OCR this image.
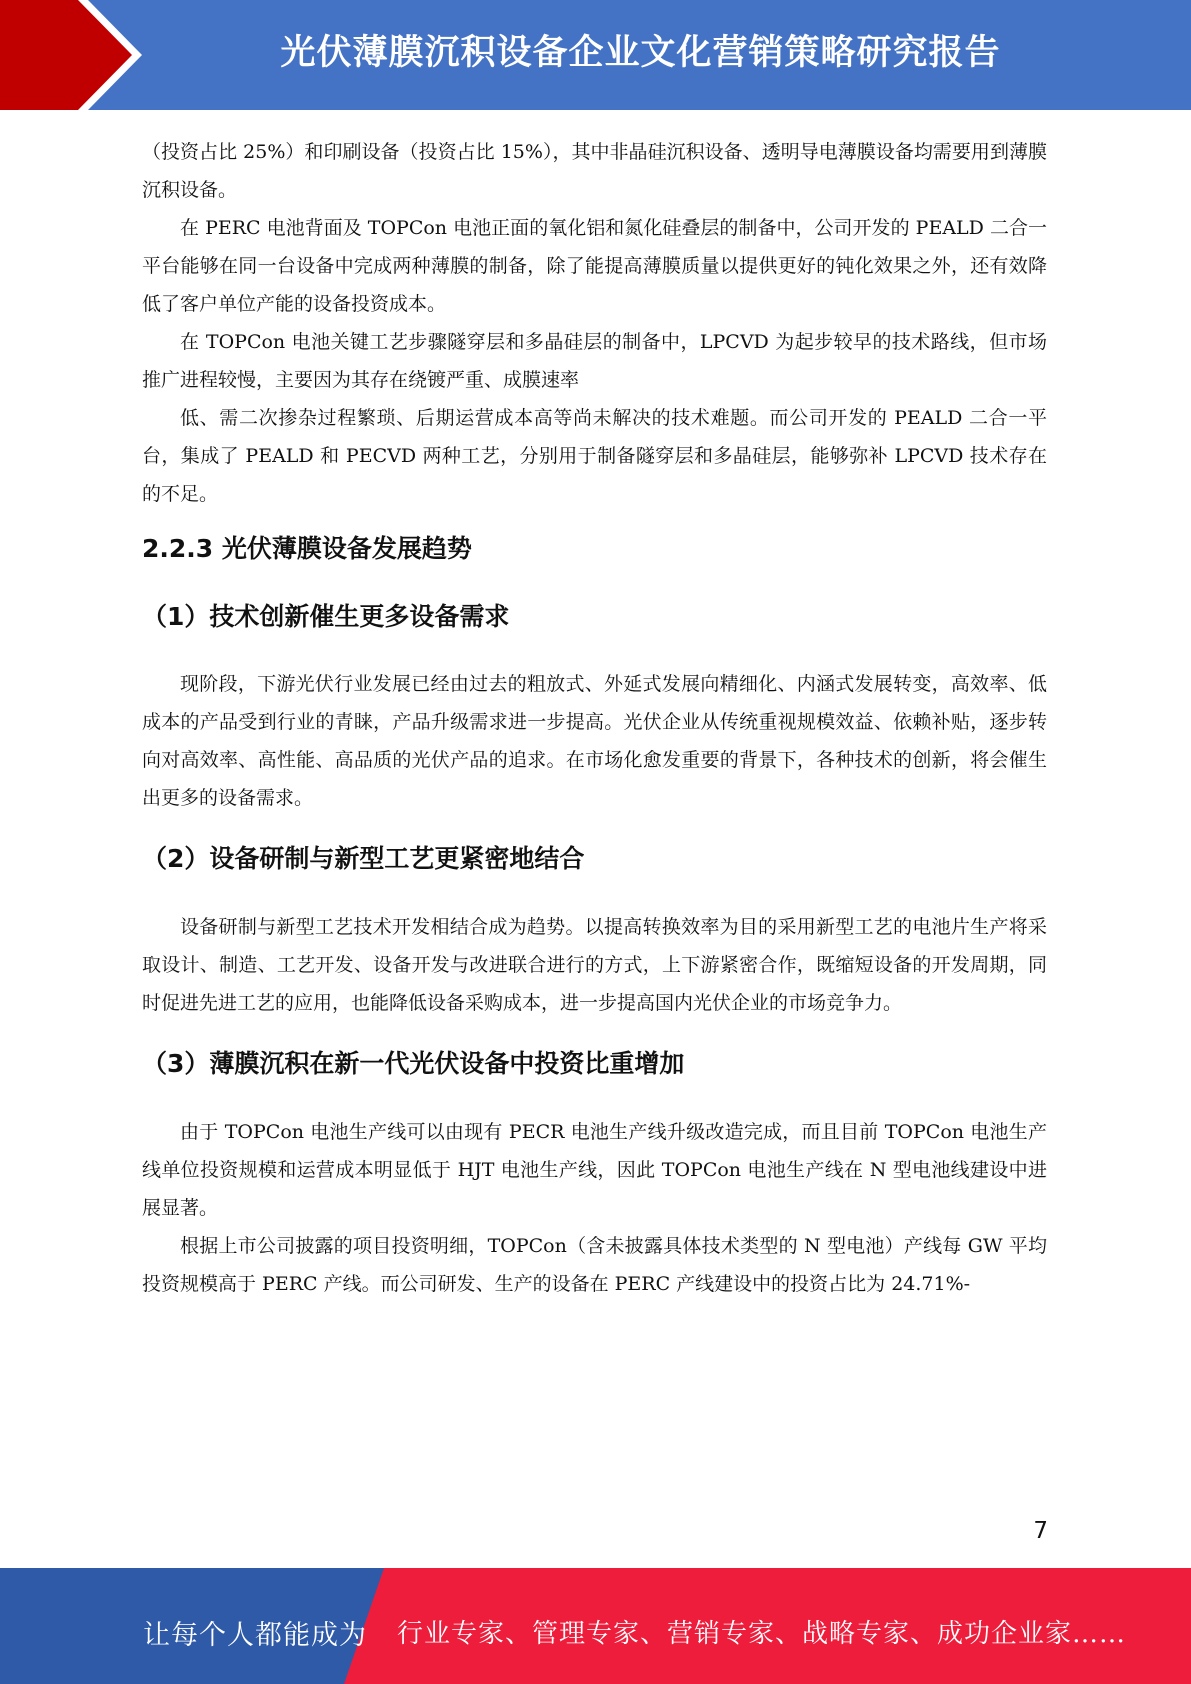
光伏薄膜沉积设备企业文化营销策略研究报告

（投资占比 25%）和印刷设备（投资占比 15%），其中非晶硅沉积设备、透明导电薄膜设备均需要用到薄膜沉积设备。

在 PERC 电池背面及 TOPCon 电池正面的氧化铝和氮化硅叠层的制备中，公司开发的 PEALD 二合一平台能够在同一台设备中完成两种薄膜的制备，除了能提高薄膜质量以提供更好的钝化效果之外，还有效降低了客户单位产能的设备投资成本。

在 TOPCon 电池关键工艺步骤隧穿层和多晶硅层的制备中，LPCVD 为起步较早的技术路线，但市场推广进程较慢，主要因为其存在绕镀严重、成膜速率

低、需二次掺杂过程繁琐、后期运营成本高等尚未解决的技术难题。而公司开发的 PEALD 二合一平台，集成了 PEALD 和 PECVD 两种工艺，分别用于制备隧穿层和多晶硅层，能够弥补 LPCVD 技术存在的不足。

2.2.3 光伏薄膜设备发展趋势
（1）技术创新催生更多设备需求

现阶段，下游光伏行业发展已经由过去的粗放式、外延式发展向精细化、内涵式发展转变，高效率、低成本的产品受到行业的青睐，产品升级需求进一步提高。光伏企业从传统重视规模效益、依赖补贴，逐步转向对高效率、高性能、高品质的光伏产品的追求。在市场化愈发重要的背景下，各种技术的创新，将会催生出更多的设备需求。

（2）设备研制与新型工艺更紧密地结合

设备研制与新型工艺技术开发相结合成为趋势。以提高转换效率为目的采用新型工艺的电池片生产将采取设计、制造、工艺开发、设备开发与改进联合进行的方式，上下游紧密合作，既缩短设备的开发周期，同时促进先进工艺的应用，也能降低设备采购成本，进一步提高国内光伏企业的市场竞争力。

（3）薄膜沉积在新一代光伏设备中投资比重增加

由于 TOPCon 电池生产线可以由现有 PECR 电池生产线升级改造完成，而且目前 TOPCon 电池生产线单位投资规模和运营成本明显低于 HJT 电池生产线，因此 TOPCon 电池生产线在 N 型电池线建设中进展显著。

根据上市公司披露的项目投资明细，TOPCon（含未披露具体技术类型的 N 型电池）产线每 GW 平均投资规模高于 PERC 产线。而公司研发、生产的设备在 PERC 产线建设中的投资占比为 24.71%-

7
让每个人都能成为 行业专家、管理专家、营销专家、战略专家、成功企业家……
